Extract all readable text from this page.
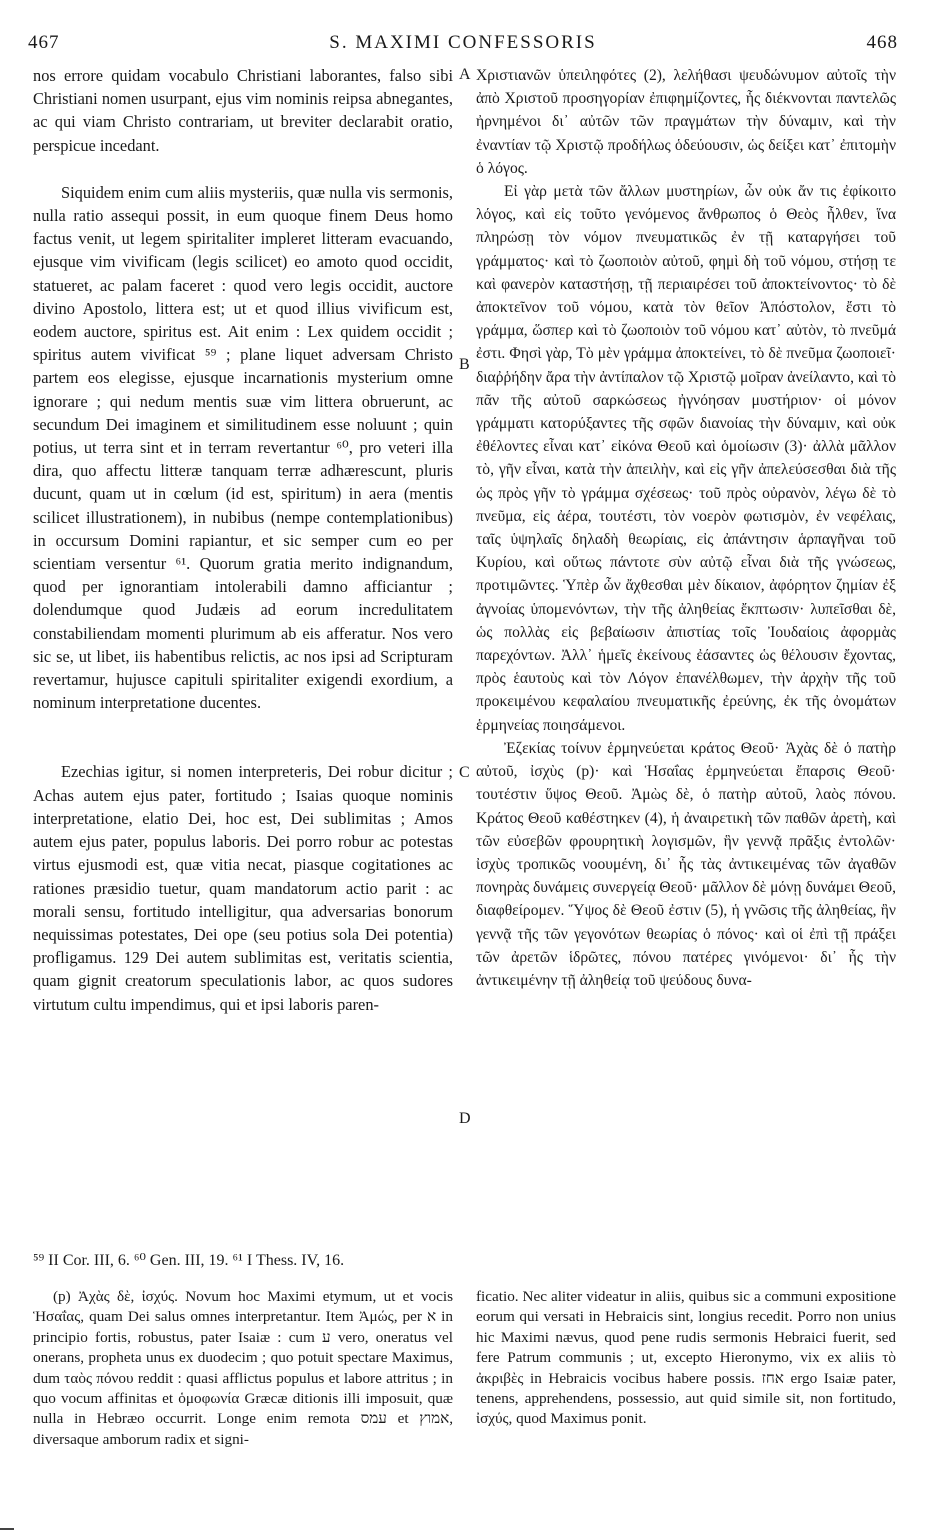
467	S. MAXIMI CONFESSORIS	468

nos errore quidam vocabulo Christiani laborantes, falso sibi Christiani nomen usurpant, ejus vim nominis reipsa abnegantes, ac qui viam Christo contrariam, ut breviter declarabit oratio, perspicue incedant.

Siquidem enim cum aliis mysteriis, quæ nulla vis sermonis, nulla ratio assequi possit, in eum quoque finem Deus homo factus venit, ut legem spiritaliter impleret litteram evacuando, ejusque vim vivificam (legis scilicet) eo amoto quod occidit, statueret, ac palam faceret : quod vero legis occidit, auctore divino Apostolo, littera est; ut et quod illius vivificum est, eodem auctore, spiritus est. Ait enim : Lex quidem occidit ; spiritus autem vivificat ⁵⁹ ; plane liquet adversam Christo partem eos elegisse, ejusque incarnationis mysterium omne ignorare ; qui nedum mentis suæ vim littera obruerunt, ac secundum Dei imaginem et similitudinem esse noluunt ; quin potius, ut terra sint et in terram revertantur ⁶⁰, pro veteri illa dira, quo affectu litteræ tanquam terræ adhærescunt, pluris ducunt, quam ut in cœlum (id est, spiritum) in aera (mentis scilicet illustrationem), in nubibus (nempe contemplationibus) in occursum Domini rapiantur, et sic semper cum eo per scientiam versentur ⁶¹. Quorum gratia merito indignandum, quod per ignorantiam intolerabili damno afficiantur ; dolendumque quod Judæis ad eorum incredulitatem constabiliendam momenti plurimum ab eis afferatur. Nos vero sic se, ut libet, iis habentibus relictis, ac nos ipsi ad Scripturam revertamur, hujusce capituli spiritaliter exigendi exordium, a nominum interpretatione ducentes.

Ezechias igitur, si nomen interpreteris, Dei robur dicitur ; Achas autem ejus pater, fortitudo ; Isaias quoque nominis interpretatione, elatio Dei, hoc est, Dei sublimitas ; Amos autem ejus pater, populus laboris. Dei porro robur ac potestas virtus ejusmodi est, quæ vitia necat, piasque cogitationes ac rationes præsidio tuetur, quam mandatorum actio parit : ac morali sensu, fortitudo intelligitur, qua adversarias bonorum nequissimas potestates, Dei ope (seu potius sola Dei potentia) profligamus. 129 Dei autem sublimitas est, veritatis scientia, quam gignit creatorum speculationis labor, ac quos sudores virtutum cultu impendimus, qui et ipsi laboris paren-

Χριστιανῶν ὑπειληφότες (2), λελήθασι ψευδώνυμον αὐτοῖς τὴν ἀπὸ Χριστοῦ προσηγορίαν ἐπιφημίζοντες, ἧς διέκνονται παντελῶς ἠρνημένοι δι᾽ αὐτῶν τῶν πραγμάτων τὴν δύναμιν, καὶ τὴν ἐναντίαν τῷ Χριστῷ προδήλως ὁδεύουσιν, ὡς δείξει κατ᾽ ἐπιτομὴν ὁ λόγος.

Εἰ γὰρ μετὰ τῶν ἄλλων μυστηρίων, ὧν οὐκ ἄν τις ἐφίκοιτο λόγος, καὶ εἰς τοῦτο γενόμενος ἄνθρωπος ὁ Θεὸς ἦλθεν, ἵνα πληρώσῃ τὸν νόμον πνευματικῶς ἐν τῇ καταργήσει τοῦ γράμματος· καὶ τὸ ζωοποιὸν αὐτοῦ, φημὶ δὴ τοῦ νόμου, στήσῃ τε καὶ φανερὸν καταστήσῃ, τῇ περιαιρέσει τοῦ ἀποκτείνοντος· τὸ δὲ ἀποκτεῖνον τοῦ νόμου, κατὰ τὸν θεῖον Ἀπόστολον, ἔστι τὸ γράμμα, ὥσπερ καὶ τὸ ζωοποιὸν τοῦ νόμου κατ᾽ αὐτὸν, τὸ πνεῦμά ἐστι. Φησὶ γὰρ, Τὸ μὲν γράμμα ἀποκτείνει, τὸ δὲ πνεῦμα ζωοποιεῖ· διαῤῥήδην ἄρα τὴν ἀντίπαλον τῷ Χριστῷ μοῖραν ἀνείλαντο, καὶ τὸ πᾶν τῆς αὐτοῦ σαρκώσεως ἠγνόησαν μυστήριον· οἱ μόνον γράμματι κατορύξαντες τῆς σφῶν διανοίας τὴν δύναμιν, καὶ οὐκ ἐθέλοντες εἶναι κατ᾽ εἰκόνα Θεοῦ καὶ ὁμοίωσιν (3)· ἀλλὰ μᾶλλον τὸ, γῆν εἶναι, κατὰ τὴν ἀπειλὴν, καὶ εἰς γῆν ἀπελεύσεσθαι διὰ τῆς ὡς πρὸς γῆν τὸ γράμμα σχέσεως· τοῦ πρὸς οὐρανὸν, λέγω δὲ τὸ πνεῦμα, εἰς ἀέρα, τουτέστι, τὸν νοερὸν φωτισμὸν, ἐν νεφέλαις, ταῖς ὑψηλαῖς δηλαδὴ θεωρίαις, εἰς ἀπάντησιν ἁρπαγῆναι τοῦ Κυρίου, καὶ οὕτως πάντοτε σὺν αὐτῷ εἶναι διὰ τῆς γνώσεως, προτιμῶντες. Ὑπὲρ ὧν ἄχθεσθαι μὲν δίκαιον, ἀφόρητον ζημίαν ἐξ ἀγνοίας ὑπομενόντων, τὴν τῆς ἀληθείας ἔκπτωσιν· λυπεῖσθαι δὲ, ὡς πολλὰς εἰς βεβαίωσιν ἀπιστίας τοῖς Ἰουδαίοις ἀφορμὰς παρεχόντων. Ἀλλ᾽ ἡμεῖς ἐκείνους ἐάσαντες ὡς θέλουσιν ἔχοντας, πρὸς ἑαυτοὺς καὶ τὸν Λόγον ἐπανέλθωμεν, τὴν ἀρχὴν τῆς τοῦ προκειμένου κεφαλαίου πνευματικῆς ἐρεύνης, ἐκ τῆς ὀνομάτων ἑρμηνείας ποιησάμενοι.

Ἐζεκίας τοίνυν ἑρμηνεύεται κράτος Θεοῦ· Ἀχὰς δὲ ὁ πατὴρ αὐτοῦ, ἰσχὺς (p)· καὶ Ἡσαΐας ἑρμηνεύεται ἔπαρσις Θεοῦ· τουτέστιν ὕψος Θεοῦ. Ἀμὼς δὲ, ὁ πατὴρ αὐτοῦ, λαὸς πόνου. Κράτος Θεοῦ καθέστηκεν (4), ἡ ἀναιρετικὴ τῶν παθῶν ἀρετὴ, καὶ τῶν εὐσεβῶν φρουρητικὴ λογισμῶν, ἣν γεννᾷ πρᾶξις ἐντολῶν· ἰσχὺς τροπικῶς νοουμένη, δι᾽ ἧς τὰς ἀντικειμένας τῶν ἀγαθῶν πονηρὰς δυνάμεις συνεργείᾳ Θεοῦ· μᾶλλον δὲ μόνῃ δυνάμει Θεοῦ, διαφθείρομεν. Ὕψος δὲ Θεοῦ ἐστιν (5), ἡ γνῶσις τῆς ἀληθείας, ἣν γεννᾷ τῆς τῶν γεγονότων θεωρίας ὁ πόνος· καὶ οἱ ἐπὶ τῇ πράξει τῶν ἀρετῶν ἱδρῶτες, πόνου πατέρες γινόμενοι· δι᾽ ἧς τὴν ἀντικειμένην τῇ ἀληθείᾳ τοῦ ψεύδους δυνα-

A
B
C
D
⁵⁹ II Cor. III, 6. ⁶⁰ Gen. III, 19. ⁶¹ I Thess. IV, 16.

(p) Ἀχὰς δὲ, ἰσχύς. Novum hoc Maximi etymum, ut et vocis Ἡσαΐας, quam Dei salus omnes interpretantur. Item Ἀμώς, per א in principio fortis, robustus, pater Isaiæ : cum ע vero, oneratus vel onerans, propheta unus ex duodecim ; quo potuit spectare Maximus, dum ταὸς πόνου reddit : quasi afflictus populus et labore attritus ; in quo vocum affinitas et ὁμοφωνία Græcæ ditionis illi imposuit, quæ nulla in Hebræo occurrit. Longe enim remota עמס et אמוץ, diversaque amborum radix et signi-

ficatio. Nec aliter videatur in aliis, quibus sic a communi expositione eorum qui versati in Hebraicis sint, longius recedit. Porro non unius hic Maximi nævus, quod pene rudis sermonis Hebraici fuerit, sed fere Patrum communis ; ut, excepto Hieronymo, vix ex aliis τὸ ἀκριβὲς in Hebraicis vocibus habere possis. אחז ergo Isaiæ pater, tenens, apprehendens, possessio, aut quid simile sit, non fortitudo, ἰσχύς, quod Maximus ponit.
